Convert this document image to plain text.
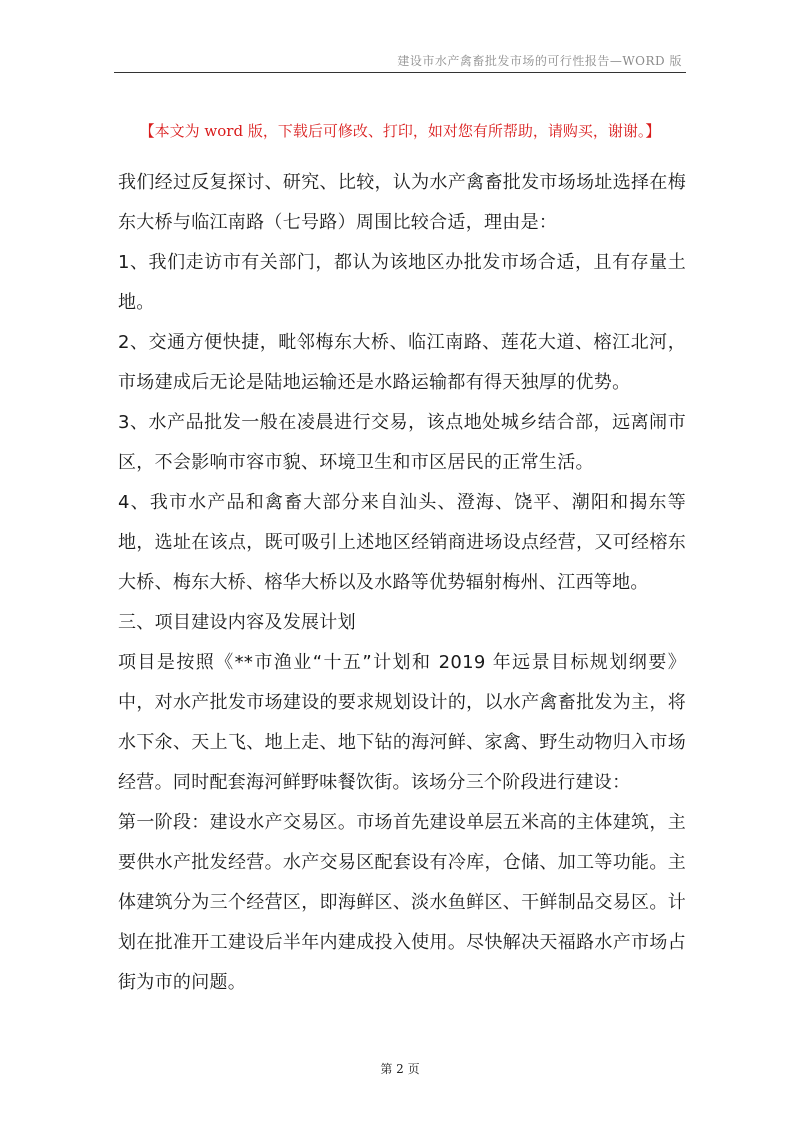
建设市水产禽畜批发市场的可行性报告—WORD 版
【本文为 word 版，下载后可修改、打印，如对您有所帮助，请购买，谢谢。】

我们经过反复探讨、研究、比较，认为水产禽畜批发市场场址选择在梅东大桥与临江南路（七号路）周围比较合适，理由是：

1、我们走访市有关部门，都认为该地区办批发市场合适，且有存量土地。

2、交通方便快捷，毗邻梅东大桥、临江南路、莲花大道、榕江北河，市场建成后无论是陆地运输还是水路运输都有得天独厚的优势。

3、水产品批发一般在凌晨进行交易，该点地处城乡结合部，远离闹市区，不会影响市容市貌、环境卫生和市区居民的正常生活。

4、我市水产品和禽畜大部分来自汕头、澄海、饶平、潮阳和揭东等地，选址在该点，既可吸引上述地区经销商进场设点经营，又可经榕东大桥、梅东大桥、榕华大桥以及水路等优势辐射梅州、江西等地。

三、项目建设内容及发展计划

项目是按照《**市渔业“十五”计划和 2019 年远景目标规划纲要》中，对水产批发市场建设的要求规划设计的，以水产禽畜批发为主，将水下氽、天上飞、地上走、地下钻的海河鲜、家禽、野生动物归入市场经营。同时配套海河鲜野味餐饮街。该场分三个阶段进行建设：

第一阶段：建设水产交易区。市场首先建设单层五米高的主体建筑，主要供水产批发经营。水产交易区配套设有冷库，仓储、加工等功能。主体建筑分为三个经营区，即海鲜区、淡水鱼鲜区、干鲜制品交易区。计划在批准开工建设后半年内建成投入使用。尽快解决天福路水产市场占街为市的问题。

第 2 页
